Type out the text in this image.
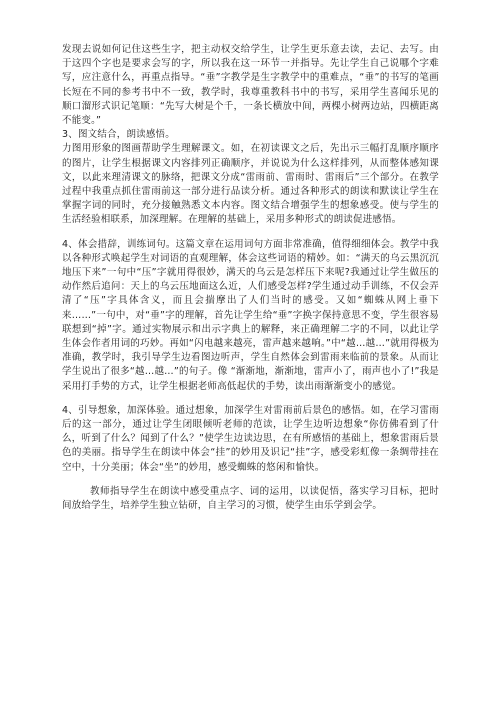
发现去说如何记住这些生字，把主动权交给学生，让学生更乐意去读，去记、去写。由于这四个字也是要求会写的字，所以我在这一环节一并指导。先让学生自己说哪个字难写，应注意什么，再重点指导。“垂”字教学是生字教学中的重难点，“垂”的书写的笔画长短在不同的参考书中不一致，教学时，我尊重教科书中的书写，采用学生喜闻乐见的顺口溜形式识记笔顺：“先写大树是个千，一条长横放中间，两棵小树两边站，四横距离不能变。”

3、图文结合，朗读感悟。

力图用形象的图画帮助学生理解课文。如，在初读课文之后，先出示三幅打乱顺序顺序的图片，让学生根据课文内容排列正确顺序，并说说为什么这样排列，从而整体感知课文，以此来理清课文的脉络，把课文分成“雷雨前、雷雨时、雷雨后”三个部分。在教学过程中我重点抓住雷雨前这一部分进行品读分析。通过各种形式的朗读和默读让学生在掌握字词的同时，充分接触熟悉文本内容。图文结合增强学生的想象感受。使与学生的生活经验相联系，加深理解。在理解的基础上，采用多种形式的朗读促进感悟。

4、体会措辞，训练词句。这篇文章在运用词句方面非常准确，值得细细体会。教学中我以各种形式唤起学生对词语的直观理解，体会这些词语的精妙。如：“满天的乌云黑沉沉地压下来”一句中“压”字就用得很妙，满天的乌云是怎样压下来呢?我通过让学生做压的动作然后追问：天上的乌云压地面这么近，人们感受怎样?学生通过动手训练，不仅会弄清了“压”字具体含义，而且会揣摩出了人们当时的感受。又如“蜘蛛从网上垂下来……”一句中，对“垂”字的理解，首先让学生给“垂”字换字保持意思不变，学生很容易联想到“掉”字。通过实物展示和出示字典上的解释，来正确理解二字的不同，以此让学生体会作者用词的巧妙。再如“闪电越来越亮，雷声越来越响。”中“越…越…”就用得极为准确，教学时，我引导学生边看图边听声，学生自然体会到雷雨来临前的景象。从而让学生说出了很多“越…越…”的句子。像 “渐渐地，渐渐地，雷声小了，雨声也小了!”我是采用打手势的方式，让学生根据老师高低起伏的手势，读出雨渐渐变小的感觉。

4、引导想象，加深体验。通过想象，加深学生对雷雨前后景色的感悟。如，在学习雷雨后的这一部分，通过让学生闭眼倾听老师的范读，让学生边听边想象“你仿佛看到了什么，听到了什么？闻到了什么？”使学生边读边思，在有所感悟的基础上，想象雷雨后景色的美丽。指导学生在朗读中体会“挂”的妙用及识记“挂”字，感受彩虹像一条绸带挂在空中，十分美丽；体会“坐”的妙用，感受蜘蛛的悠闲和愉快。

教师指导学生在朗读中感受重点字、词的运用，以读促悟，落实学习目标，把时间放给学生，培养学生独立钻研，自主学习的习惯，使学生由乐学到会学。
